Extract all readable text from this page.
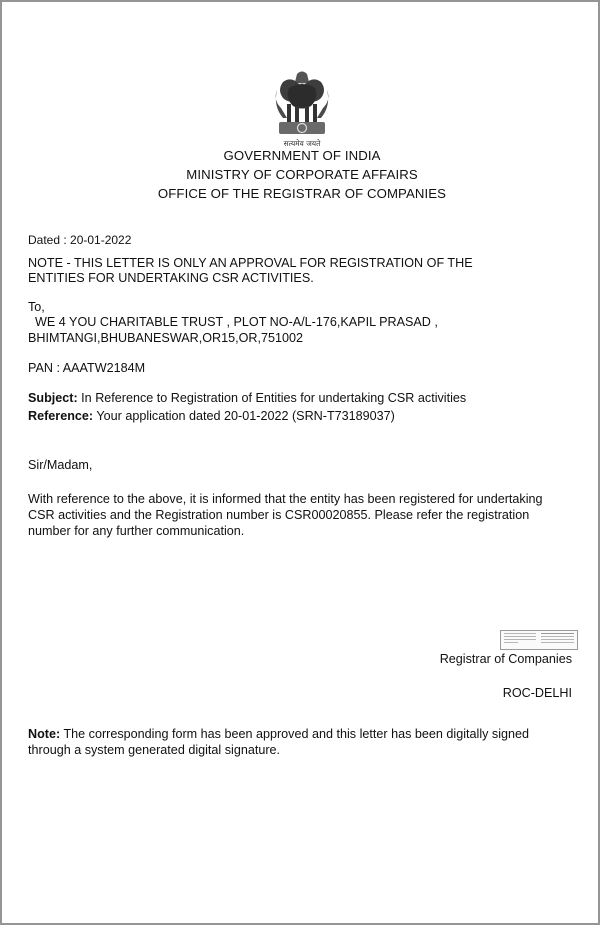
सत्यमेव जयते
GOVERNMENT OF INDIA
MINISTRY OF CORPORATE AFFAIRS
OFFICE OF THE REGISTRAR OF COMPANIES
Dated : 20-01-2022
NOTE - THIS LETTER IS ONLY AN APPROVAL FOR REGISTRATION OF THE
ENTITIES FOR UNDERTAKING CSR ACTIVITIES.
To,
WE 4 YOU CHARITABLE TRUST , PLOT NO-A/L-176,KAPIL PRASAD ,
BHIMTANGI,BHUBANESWAR,OR15,OR,751002
PAN : AAATW2184M
Subject: In Reference to Registration of Entities for undertaking CSR activities
Reference: Your application dated 20-01-2022 (SRN-T73189037)
Sir/Madam,
With reference to the above, it is informed that the entity has been registered for undertaking
CSR activities and the Registration number is CSR00020855. Please refer the registration
number for any further communication.
Registrar of Companies
ROC-DELHI
Note: The corresponding form has been approved and this letter has been digitally signed
through a system generated digital signature.
